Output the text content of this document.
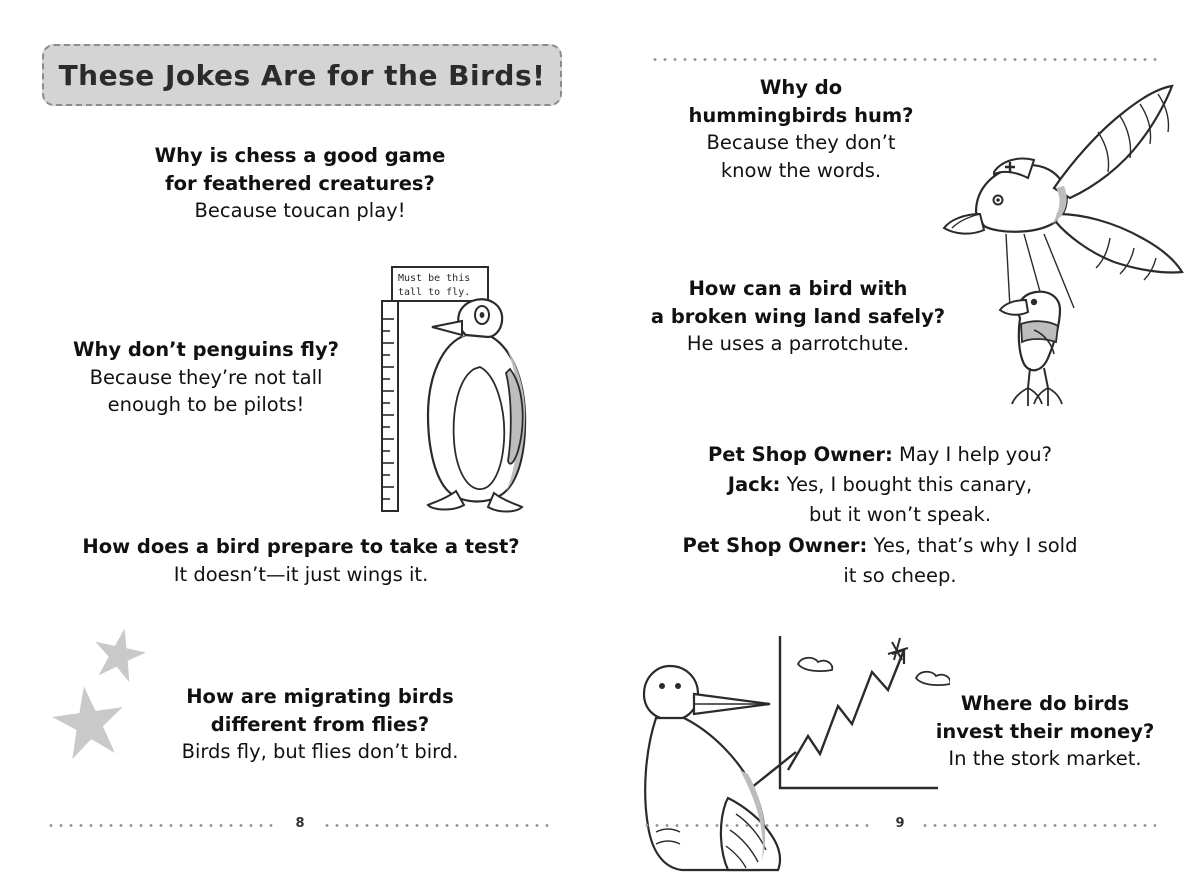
These Jokes Are for the Birds!
Why is chess a good game
for feathered creatures?
Because toucan play!
Must be this
tall to fly.
Why don’t penguins fly?
Because they’re not tall
enough to be pilots!
How does a bird prepare to take a test?
It doesn’t—it just wings it.
How are migrating birds
different from flies?
Birds fly, but flies don’t bird.
8
Why do
hummingbirds hum?
Because they don’t
know the words.
How can a bird with
a broken wing land safely?
He uses a parrotchute.
Pet Shop Owner: May I help you?
Jack: Yes, I bought this canary,
but it won’t speak.
Pet Shop Owner: Yes, that’s why I sold
it so cheep.
Where do birds
invest their money?
In the stork market.
9
